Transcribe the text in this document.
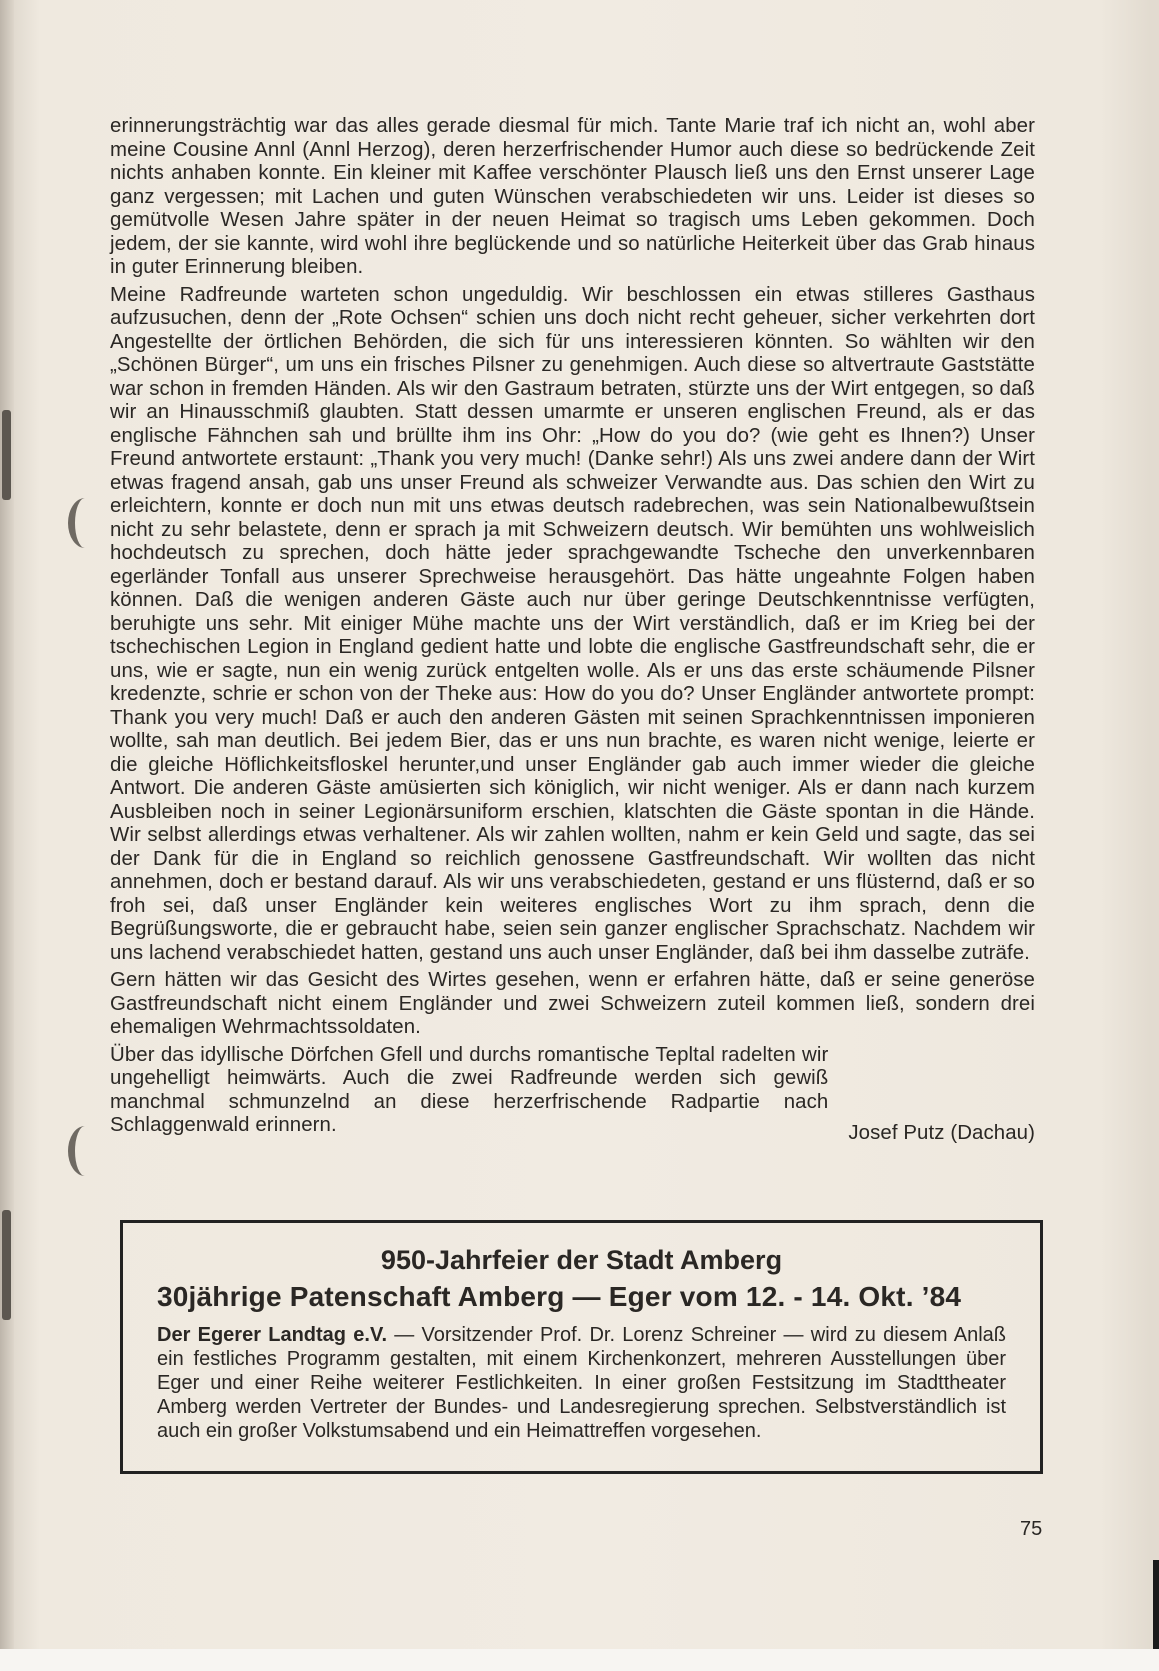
erinnerungsträchtig war das alles gerade diesmal für mich. Tante Marie traf ich nicht an, wohl aber meine Cousine Annl (Annl Herzog), deren herzerfrischender Humor auch diese so bedrückende Zeit nichts anhaben konnte. Ein kleiner mit Kaffee verschönter Plausch ließ uns den Ernst unserer Lage ganz vergessen; mit Lachen und guten Wünschen verabschiedeten wir uns. Leider ist dieses so gemütvolle Wesen Jahre später in der neuen Heimat so tragisch ums Leben gekommen. Doch jedem, der sie kannte, wird wohl ihre beglückende und so natürliche Heiterkeit über das Grab hinaus in guter Erinnerung bleiben.

Meine Radfreunde warteten schon ungeduldig. Wir beschlossen ein etwas stilleres Gasthaus aufzusuchen, denn der „Rote Ochsen“ schien uns doch nicht recht geheuer, sicher verkehrten dort Angestellte der örtlichen Behörden, die sich für uns interessieren könnten. So wählten wir den „Schönen Bürger“, um uns ein frisches Pilsner zu genehmigen. Auch diese so altvertraute Gaststätte war schon in fremden Händen. Als wir den Gastraum betraten, stürzte uns der Wirt entgegen, so daß wir an Hinausschmiß glaubten. Statt dessen umarmte er unseren englischen Freund, als er das englische Fähnchen sah und brüllte ihm ins Ohr: „How do you do? (wie geht es Ihnen?) Unser Freund antwortete erstaunt: „Thank you very much! (Danke sehr!) Als uns zwei andere dann der Wirt etwas fragend ansah, gab uns unser Freund als schweizer Verwandte aus. Das schien den Wirt zu erleichtern, konnte er doch nun mit uns etwas deutsch radebrechen, was sein Nationalbewußtsein nicht zu sehr belastete, denn er sprach ja mit Schweizern deutsch. Wir bemühten uns wohlweislich hochdeutsch zu sprechen, doch hätte jeder sprachgewandte Tscheche den unverkennbaren egerländer Tonfall aus unserer Sprechweise herausgehört. Das hätte ungeahnte Folgen haben können. Daß die wenigen anderen Gäste auch nur über geringe Deutschkenntnisse verfügten, beruhigte uns sehr. Mit einiger Mühe machte uns der Wirt verständlich, daß er im Krieg bei der tschechischen Legion in England gedient hatte und lobte die englische Gastfreundschaft sehr, die er uns, wie er sagte, nun ein wenig zurück entgelten wolle. Als er uns das erste schäumende Pilsner kredenzte, schrie er schon von der Theke aus: How do you do? Unser Engländer antwortete prompt: Thank you very much! Daß er auch den anderen Gästen mit seinen Sprachkenntnissen imponieren wollte, sah man deutlich. Bei jedem Bier, das er uns nun brachte, es waren nicht wenige, leierte er die gleiche Höflichkeitsfloskel herunter,und unser Engländer gab auch immer wieder die gleiche Antwort. Die anderen Gäste amüsierten sich königlich, wir nicht weniger. Als er dann nach kurzem Ausbleiben noch in seiner Legionärsuniform erschien, klatschten die Gäste spontan in die Hände. Wir selbst allerdings etwas verhaltener. Als wir zahlen wollten, nahm er kein Geld und sagte, das sei der Dank für die in England so reichlich genossene Gastfreundschaft. Wir wollten das nicht annehmen, doch er bestand darauf. Als wir uns verabschiedeten, gestand er uns flüsternd, daß er so froh sei, daß unser Engländer kein weiteres englisches Wort zu ihm sprach, denn die Begrüßungsworte, die er gebraucht habe, seien sein ganzer englischer Sprachschatz. Nachdem wir uns lachend verabschiedet hatten, gestand uns auch unser Engländer, daß bei ihm dasselbe zuträfe.

Gern hätten wir das Gesicht des Wirtes gesehen, wenn er erfahren hätte, daß er seine generöse Gastfreundschaft nicht einem Engländer und zwei Schweizern zuteil kommen ließ, sondern drei ehemaligen Wehrmachtssoldaten.

Über das idyllische Dörfchen Gfell und durchs romantische Tepltal radelten wir ungehelligt heimwärts. Auch die zwei Radfreunde werden sich gewiß manchmal schmunzelnd an diese herzerfrischende Radpartie nach Schlaggenwald erinnern.	Josef Putz (Dachau)

950-Jahrfeier der Stadt Amberg
30jährige Patenschaft Amberg — Eger vom 12. - 14. Okt. ’84

Der Egerer Landtag e.V. — Vorsitzender Prof. Dr. Lorenz Schreiner — wird zu diesem Anlaß ein festliches Programm gestalten, mit einem Kirchenkonzert, mehreren Ausstellungen über Eger und einer Reihe weiterer Festlichkeiten. In einer großen Festsitzung im Stadttheater Amberg werden Vertreter der Bundes- und Landesregierung sprechen. Selbstverständlich ist auch ein großer Volkstumsabend und ein Heimattreffen vorgesehen.

75
